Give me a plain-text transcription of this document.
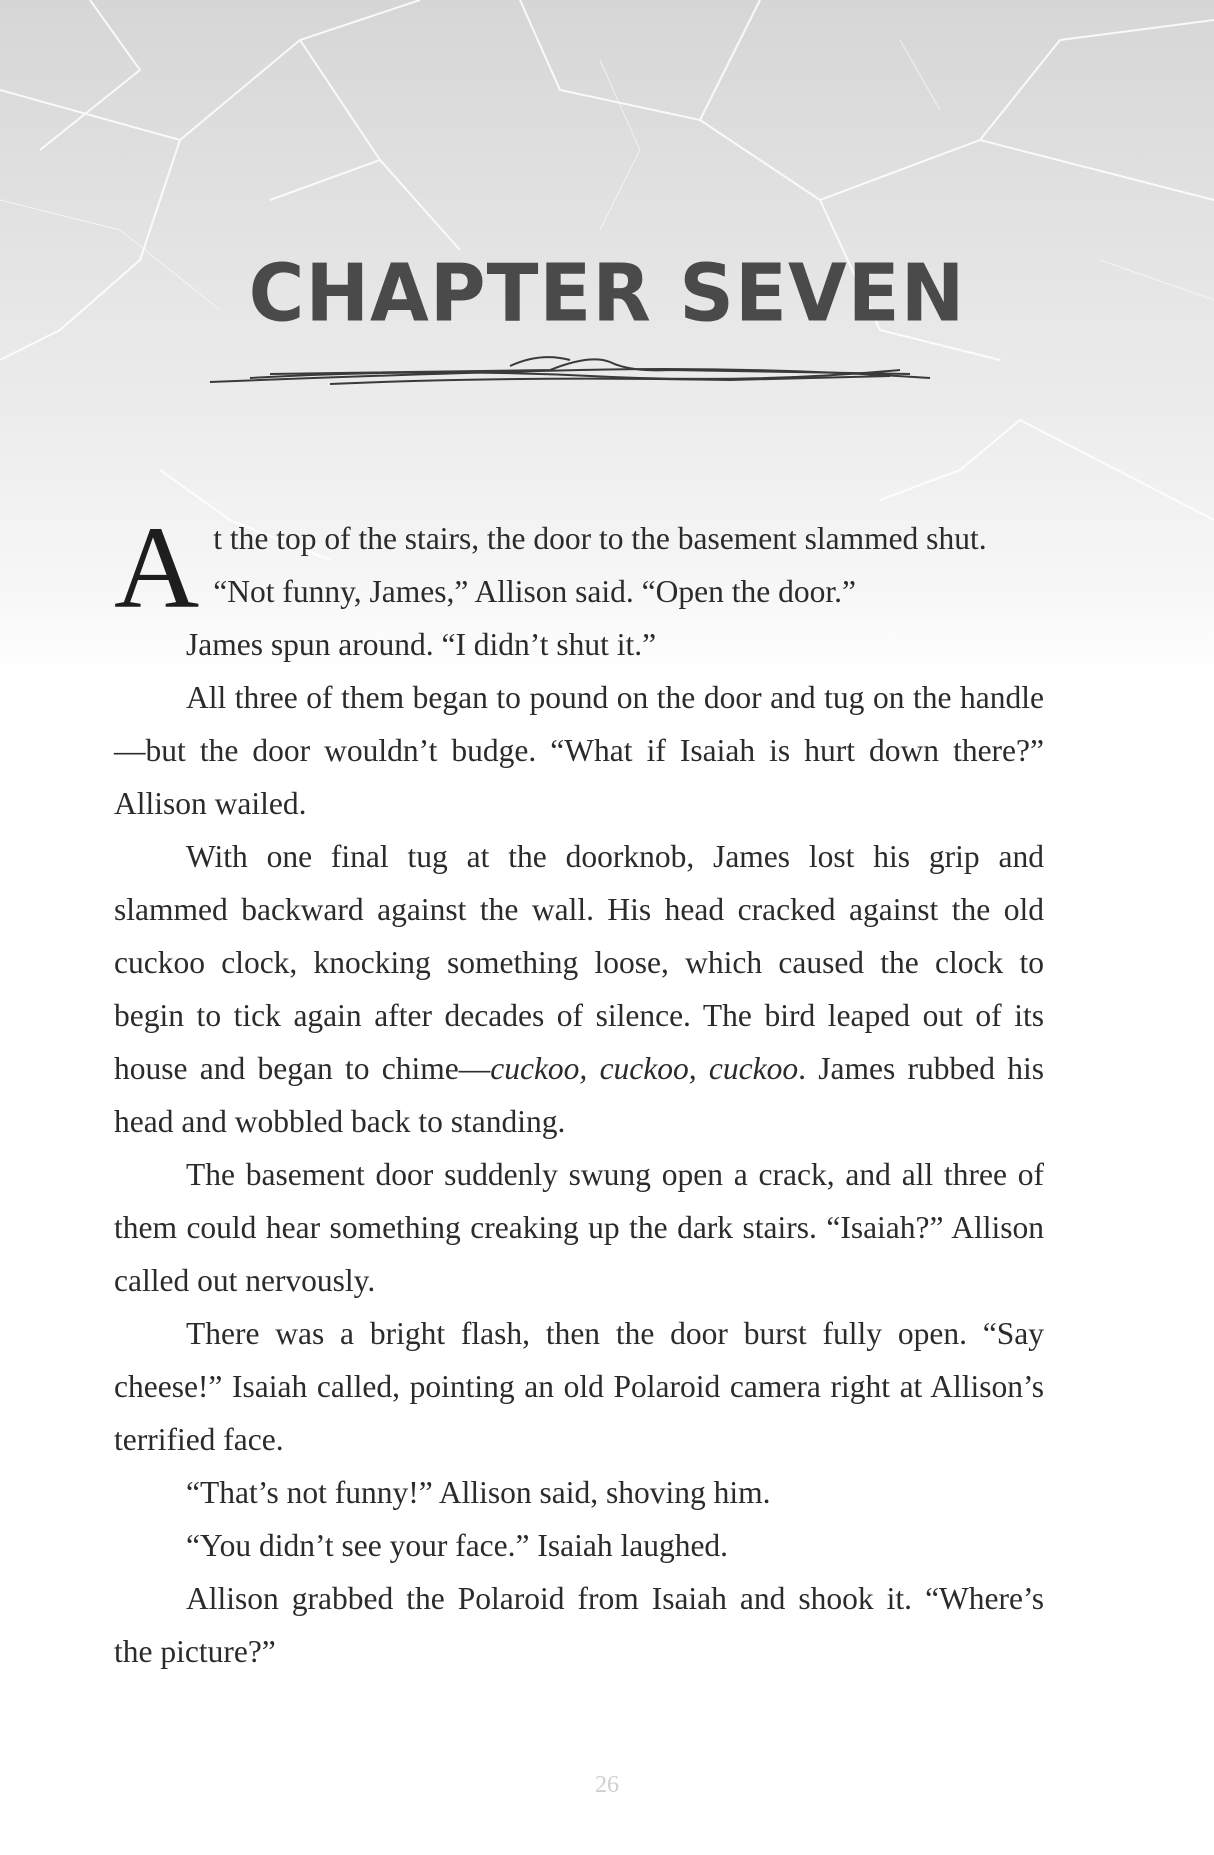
CHAPTER SEVEN

At the top of the stairs, the door to the basement slammed shut.
“Not funny, James,” Allison said. “Open the door.”

James spun around. “I didn’t shut it.”

All three of them began to pound on the door and tug on the handle—but the door wouldn’t budge. “What if Isaiah is hurt down there?” Allison wailed.

With one final tug at the doorknob, James lost his grip and slammed backward against the wall. His head cracked against the old cuckoo clock, knocking something loose, which caused the clock to begin to tick again after decades of silence. The bird leaped out of its house and began to chime—cuckoo, cuckoo, cuckoo. James rubbed his head and wobbled back to standing.

The basement door suddenly swung open a crack, and all three of them could hear something creaking up the dark stairs. “Isaiah?” Allison called out nervously.

There was a bright flash, then the door burst fully open. “Say cheese!” Isaiah called, pointing an old Polaroid camera right at Allison’s terrified face.

“That’s not funny!” Allison said, shoving him.

“You didn’t see your face.” Isaiah laughed.

Allison grabbed the Polaroid from Isaiah and shook it. “Where’s the picture?”

26
